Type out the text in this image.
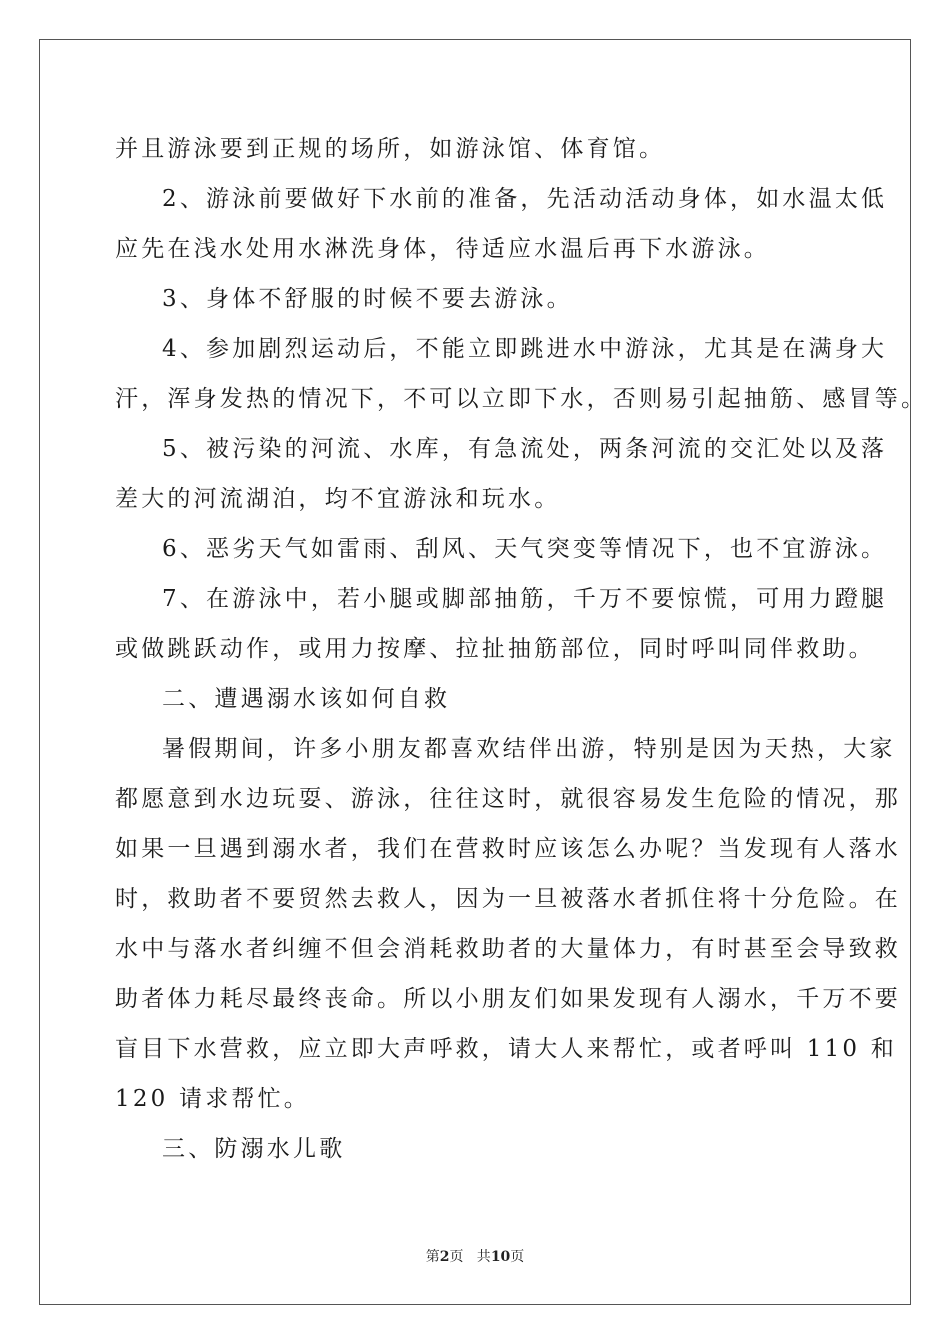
并且游泳要到正规的场所，如游泳馆、体育馆。
2、游泳前要做好下水前的准备，先活动活动身体，如水温太低
应先在浅水处用水淋洗身体，待适应水温后再下水游泳。
3、身体不舒服的时候不要去游泳。
4、参加剧烈运动后，不能立即跳进水中游泳，尤其是在满身大
汗，浑身发热的情况下，不可以立即下水，否则易引起抽筋、感冒等。
5、被污染的河流、水库，有急流处，两条河流的交汇处以及落
差大的河流湖泊，均不宜游泳和玩水。
6、恶劣天气如雷雨、刮风、天气突变等情况下，也不宜游泳。
7、在游泳中，若小腿或脚部抽筋，千万不要惊慌，可用力蹬腿
或做跳跃动作，或用力按摩、拉扯抽筋部位，同时呼叫同伴救助。
二、遭遇溺水该如何自救
暑假期间，许多小朋友都喜欢结伴出游，特别是因为天热，大家
都愿意到水边玩耍、游泳，往往这时，就很容易发生危险的情况，那
如果一旦遇到溺水者，我们在营救时应该怎么办呢？当发现有人落水
时，救助者不要贸然去救人，因为一旦被落水者抓住将十分危险。在
水中与落水者纠缠不但会消耗救助者的大量体力，有时甚至会导致救
助者体力耗尽最终丧命。所以小朋友们如果发现有人溺水，千万不要
盲目下水营救，应立即大声呼救，请大人来帮忙，或者呼叫 110 和
120 请求帮忙。
三、防溺水儿歌
第2页   共10页
